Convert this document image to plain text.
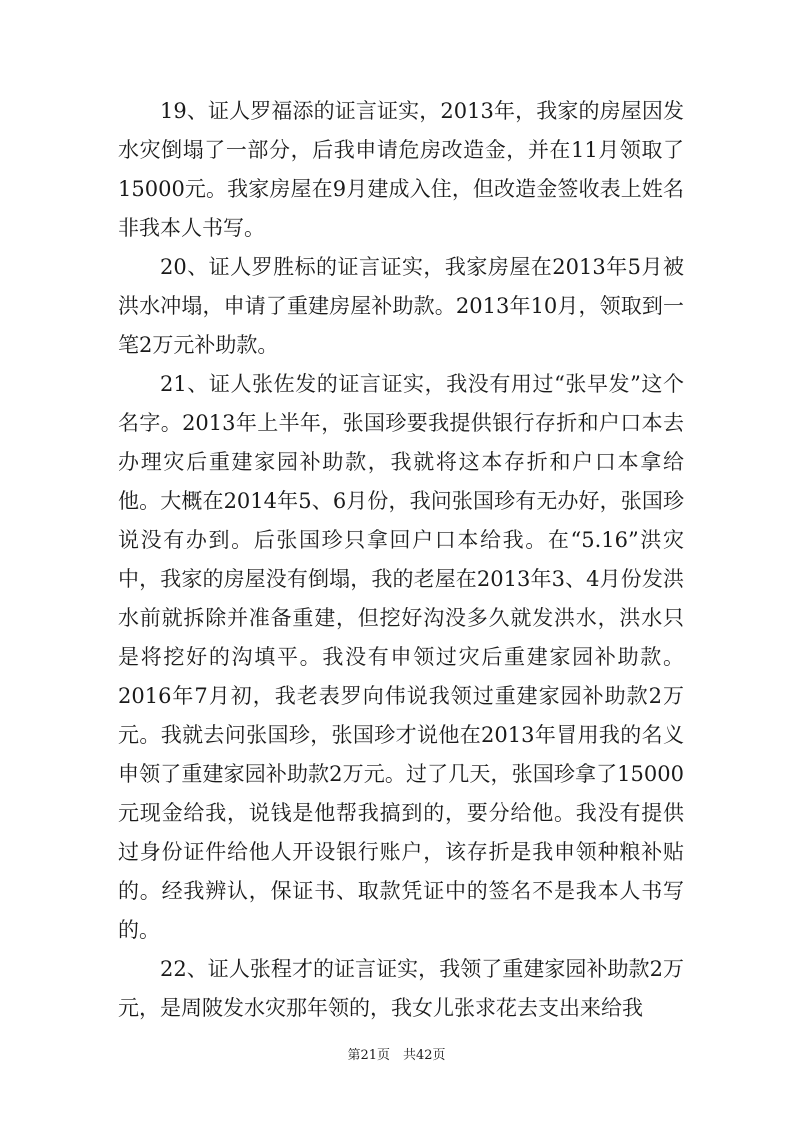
19、证人罗福添的证言证实，2013年，我家的房屋因发水灾倒塌了一部分，后我申请危房改造金，并在11月领取了15000元。我家房屋在9月建成入住，但改造金签收表上姓名非我本人书写。

20、证人罗胜标的证言证实，我家房屋在2013年5月被洪水冲塌，申请了重建房屋补助款。2013年10月，领取到一笔2万元补助款。

21、证人张佐发的证言证实，我没有用过“张早发”这个名字。2013年上半年，张国珍要我提供银行存折和户口本去办理灾后重建家园补助款，我就将这本存折和户口本拿给他。大概在2014年5、6月份，我问张国珍有无办好，张国珍说没有办到。后张国珍只拿回户口本给我。在“5.16”洪灾中，我家的房屋没有倒塌，我的老屋在2013年3、4月份发洪水前就拆除并准备重建，但挖好沟没多久就发洪水，洪水只是将挖好的沟填平。我没有申领过灾后重建家园补助款。2016年7月初，我老表罗向伟说我领过重建家园补助款2万元。我就去问张国珍，张国珍才说他在2013年冒用我的名义申领了重建家园补助款2万元。过了几天，张国珍拿了15000元现金给我，说钱是他帮我搞到的，要分给他。我没有提供过身份证件给他人开设银行账户，该存折是我申领种粮补贴的。经我辨认，保证书、取款凭证中的签名不是我本人书写的。

22、证人张程才的证言证实，我领了重建家园补助款2万元，是周陂发水灾那年领的，我女儿张求花去支出来给我

第21页　共42页
